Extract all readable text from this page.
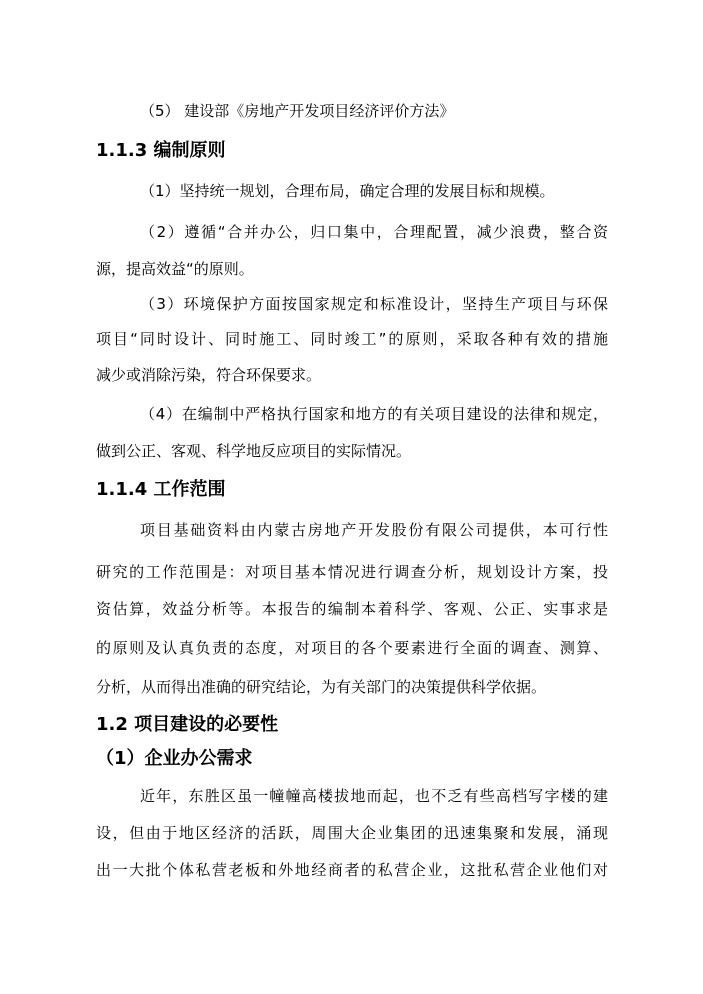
（5） 建设部《房地产开发项目经济评价方法》
1.1.3 编制原则
（1）坚持统一规划，合理布局，确定合理的发展目标和规模。
（2）遵循“合并办公，归口集中，合理配置，减少浪费，整合资
源，提高效益“的原则。
（3）环境保护方面按国家规定和标准设计，坚持生产项目与环保
项目“同时设计、同时施工、同时竣工”的原则，采取各种有效的措施
减少或消除污染，符合环保要求。
（4）在编制中严格执行国家和地方的有关项目建设的法律和规定，
做到公正、客观、科学地反应项目的实际情况。
1.1.4 工作范围
项目基础资料由内蒙古房地产开发股份有限公司提供，本可行性
研究的工作范围是：对项目基本情况进行调查分析，规划设计方案，投
资估算，效益分析等。本报告的编制本着科学、客观、公正、实事求是
的原则及认真负责的态度，对项目的各个要素进行全面的调查、测算、
分析，从而得出准确的研究结论，为有关部门的决策提供科学依据。
1.2 项目建设的必要性
（1）企业办公需求
近年，东胜区虽一幢幢高楼拔地而起，也不乏有些高档写字楼的建
设，但由于地区经济的活跃，周围大企业集团的迅速集聚和发展，涌现
出一大批个体私营老板和外地经商者的私营企业，这批私营企业他们对
